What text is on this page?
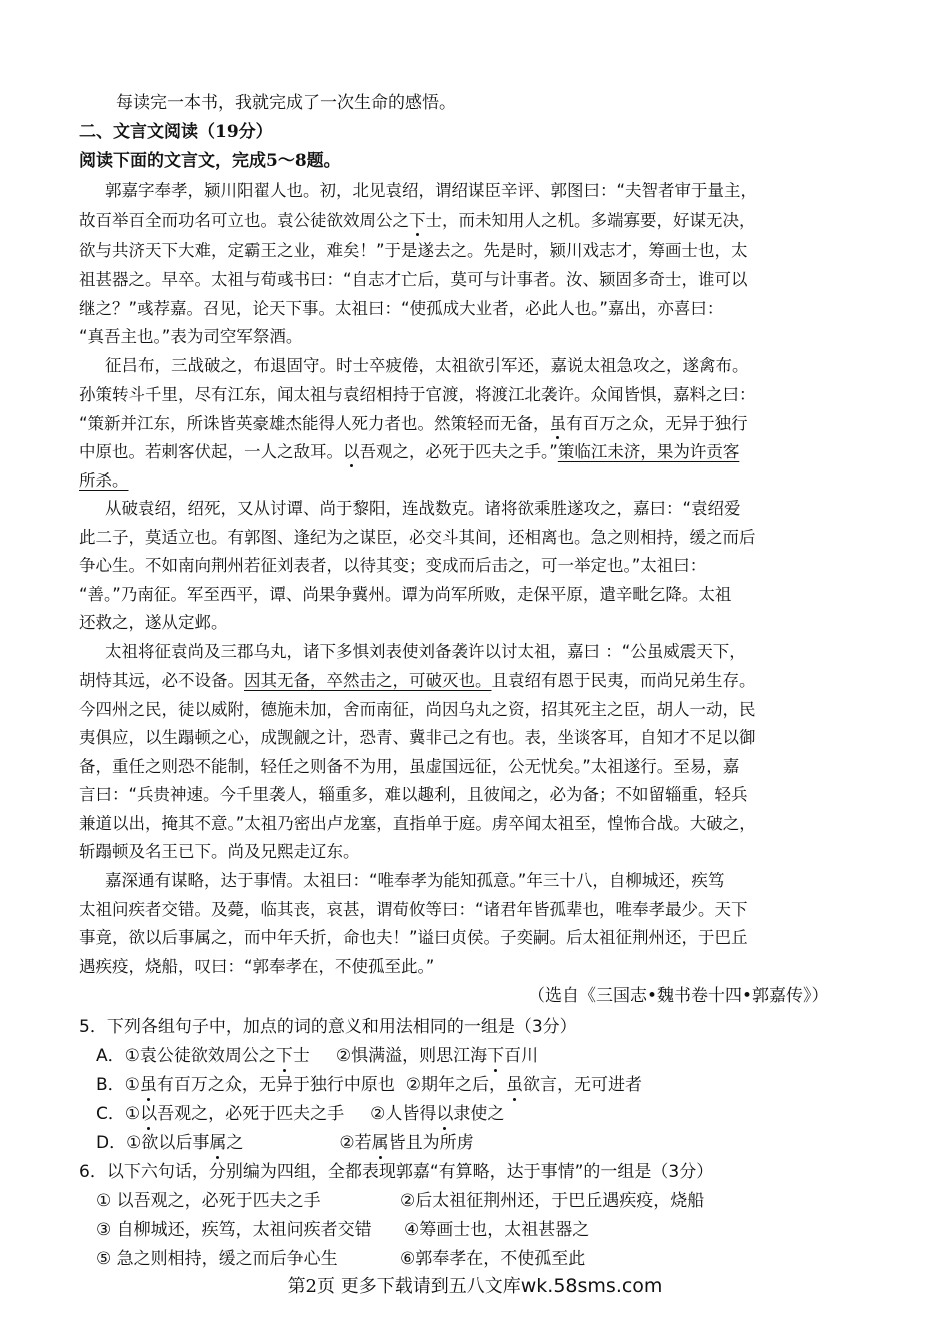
每读完一本书，我就完成了一次生命的感悟。
二、文言文阅读（19分）
阅读下面的文言文，完成5～8题。
郭嘉字奉孝，颍川阳翟人也。初，北见袁绍，谓绍谋臣辛评、郭图曰：“夫智者审于量主，
故百举百全而功名可立也。袁公徒欲效周公之下士，而未知用人之机。多端寡要，好谋无决，
欲与共济天下大难，定霸王之业，难矣！”于是遂去之。先是时，颍川戏志才，筹画士也，太
祖甚器之。早卒。太祖与荀彧书曰：“自志才亡后，莫可与计事者。汝、颍固多奇士，谁可以
继之？”彧荐嘉。召见，论天下事。太祖曰：“使孤成大业者，必此人也。”嘉出，亦喜曰：
“真吾主也。”表为司空军祭酒。
征吕布，三战破之，布退固守。时士卒疲倦，太祖欲引军还，嘉说太祖急攻之，遂禽布。
孙策转斗千里，尽有江东，闻太祖与袁绍相持于官渡，将渡江北袭许。众闻皆惧，嘉料之曰：
“策新并江东，所诛皆英豪雄杰能得人死力者也。然策轻而无备，虽有百万之众，无异于独行
中原也。若刺客伏起，一人之敌耳。以吾观之，必死于匹夫之手。”策临江未济，果为许贡客
所杀。
从破袁绍，绍死，又从讨谭、尚于黎阳，连战数克。诸将欲乘胜遂攻之，嘉曰：“袁绍爱
此二子，莫适立也。有郭图、逢纪为之谋臣，必交斗其间，还相离也。急之则相持，缓之而后
争心生。不如南向荆州若征刘表者，以待其变；变成而后击之，可一举定也。”太祖曰：
“善。”乃南征。军至西平，谭、尚果争冀州。谭为尚军所败，走保平原，遣辛毗乞降。太祖
还救之，遂从定邺。
太祖将征袁尚及三郡乌丸，诸下多惧刘表使刘备袭许以讨太祖，嘉曰 ：“公虽威震天下，
胡恃其远，必不设备。因其无备，卒然击之，可破灭也。且袁绍有恩于民夷，而尚兄弟生存。
今四州之民，徒以威附，德施未加，舍而南征，尚因乌丸之资，招其死主之臣，胡人一动，民
夷俱应，以生蹋顿之心，成觊觎之计，恐青、冀非己之有也。表，坐谈客耳，自知才不足以御
备，重任之则恐不能制，轻任之则备不为用，虽虚国远征，公无忧矣。”太祖遂行。至易，嘉
言曰：“兵贵神速。今千里袭人，辎重多，难以趣利，且彼闻之，必为备；不如留辎重，轻兵
兼道以出，掩其不意。”太祖乃密出卢龙塞，直指单于庭。虏卒闻太祖至，惶怖合战。大破之，
斩蹋顿及名王已下。尚及兄熙走辽东。
嘉深通有谋略，达于事情。太祖曰：“唯奉孝为能知孤意。”年三十八，自柳城还，疾笃
太祖问疾者交错。及薨，临其丧，哀甚，谓荀攸等曰：“诸君年皆孤辈也，唯奉孝最少。天下
事竟，欲以后事属之，而中年夭折，命也夫！”谥曰贞侯。子奕嗣。后太祖征荆州还，于巴丘
遇疾疫，烧船，叹曰：“郭奉孝在，不使孤至此。”
（选自《三国志•魏书卷十四•郭嘉传》）
5．下列各组句子中，加点的词的意义和用法相同的一组是（3分）
A．①袁公徒欲效周公之下士 ②惧满溢，则思江海下百川
B．①虽有百万之众，无异于独行中原也  ②期年之后，虽欲言，无可进者
C．①以吾观之，必死于匹夫之手 ②人皆得以隶使之
D．①欲以后事属之	②若属皆且为所虏
6．以下六句话，分别编为四组，全都表现郭嘉“有算略，达于事情”的一组是（3分）
① 以吾观之，必死于匹夫之手	②后太祖征荆州还，于巴丘遇疾疫，烧船
③ 自柳城还，疾笃，太祖问疾者交错 ④筹画士也，太祖甚器之
⑤ 急之则相持，缓之而后争心生	⑥郭奉孝在，不使孤至此
第2页 更多下载请到五八文库wk.58sms.com
